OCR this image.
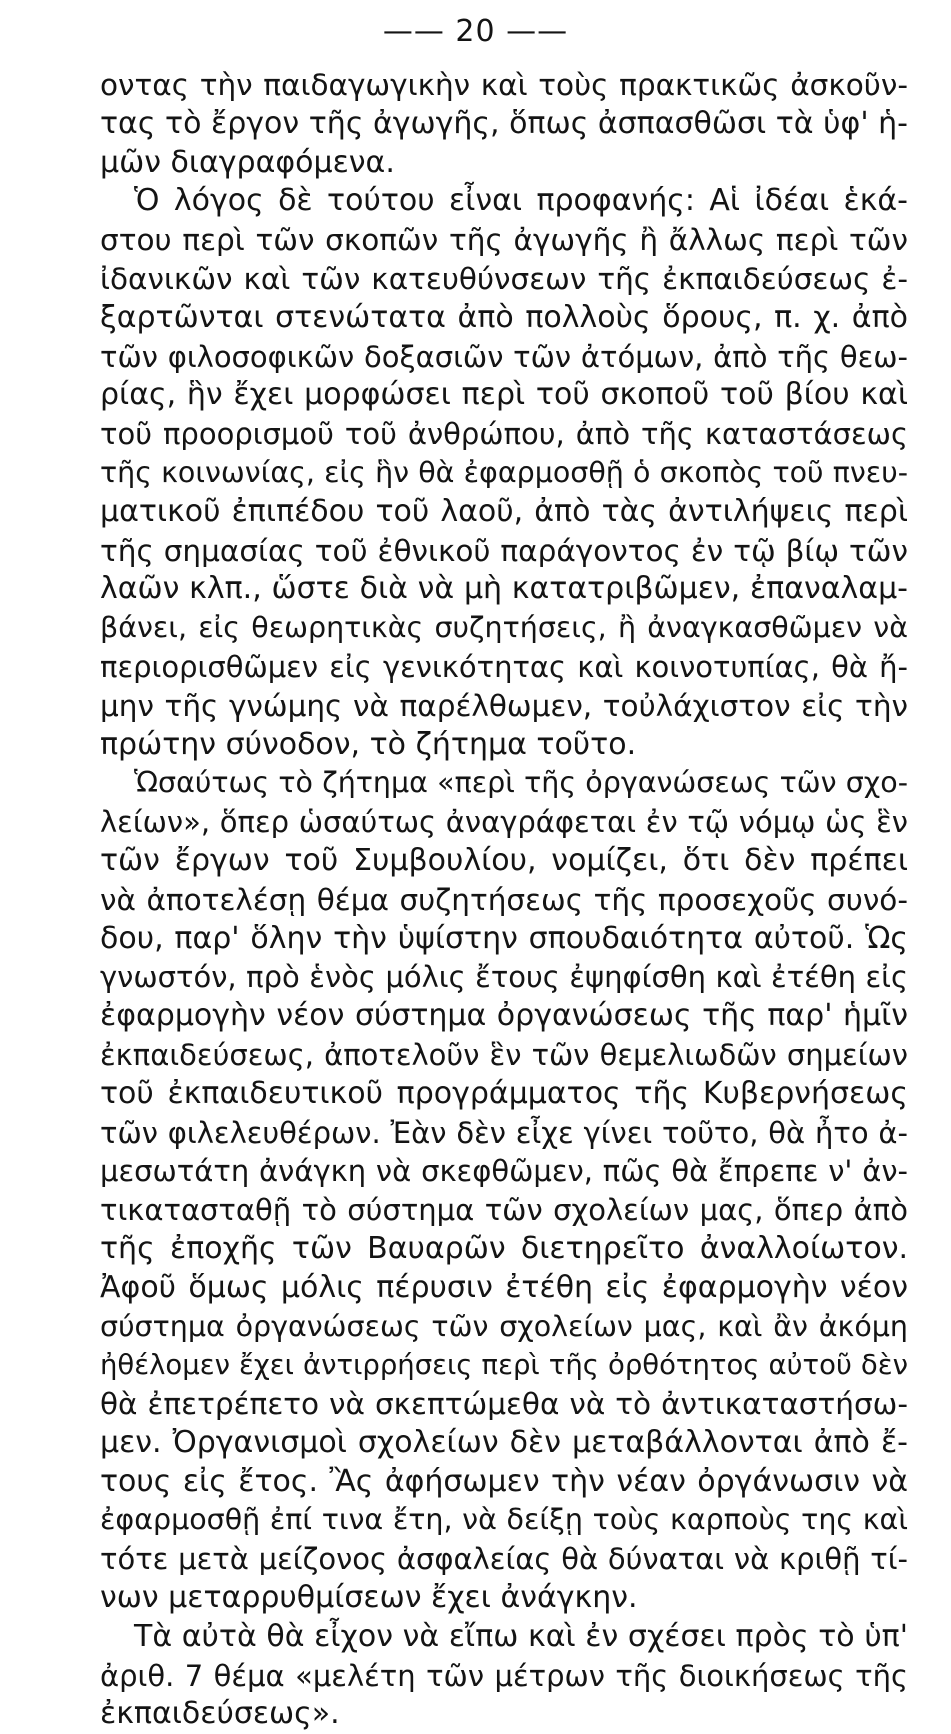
—— 20 ——
οντας τὴν παιδαγωγικὴν καὶ τοὺς πρακτικῶς ἀσκοῦν-
τας τὸ ἔργον τῆς ἀγωγῆς, ὅπως ἀσπασθῶσι τὰ ὑφ' ἡ-
μῶν διαγραφόμενα.
Ὁ λόγος δὲ τούτου εἶναι προφανής: Αἱ ἰδέαι ἑκά-
στου περὶ τῶν σκοπῶν τῆς ἀγωγῆς ἢ ἄλλως περὶ τῶν
ἰδανικῶν καὶ τῶν κατευθύνσεων τῆς ἐκπαιδεύσεως ἐ-
ξαρτῶνται στενώτατα ἀπὸ πολλοὺς ὅρους, π. χ. ἀπὸ
τῶν φιλοσοφικῶν δοξασιῶν τῶν ἀτόμων, ἀπὸ τῆς θεω-
ρίας, ἣν ἔχει μορφώσει περὶ τοῦ σκοποῦ τοῦ βίου καὶ
τοῦ προορισμοῦ τοῦ ἀνθρώπου, ἀπὸ τῆς καταστάσεως
τῆς κοινωνίας, εἰς ἣν θὰ ἐφαρμοσθῇ ὁ σκοπὸς τοῦ πνευ-
ματικοῦ ἐπιπέδου τοῦ λαοῦ, ἀπὸ τὰς ἀντιλήψεις περὶ
τῆς σημασίας τοῦ ἐθνικοῦ παράγοντος ἐν τῷ βίῳ τῶν
λαῶν κλπ., ὥστε διὰ νὰ μὴ κατατριβῶμεν, ἐπαναλαμ-
βάνει, εἰς θεωρητικὰς συζητήσεις, ἢ ἀναγκασθῶμεν νὰ
περιορισθῶμεν εἰς γενικότητας καὶ κοινοτυπίας, θὰ ἤ-
μην τῆς γνώμης νὰ παρέλθωμεν, τοὐλάχιστον εἰς τὴν
πρώτην σύνοδον, τὸ ζήτημα τοῦτο.
Ὡσαύτως τὸ ζήτημα «περὶ τῆς ὀργανώσεως τῶν σχο-
λείων», ὅπερ ὡσαύτως ἀναγράφεται ἐν τῷ νόμῳ ὡς ἓν
τῶν ἔργων τοῦ Συμβουλίου, νομίζει, ὅτι δὲν πρέπει
νὰ ἀποτελέσῃ θέμα συζητήσεως τῆς προσεχοῦς συνό-
δου, παρ' ὅλην τὴν ὑψίστην σπουδαιότητα αὐτοῦ. Ὡς
γνωστόν, πρὸ ἑνὸς μόλις ἔτους ἐψηφίσθη καὶ ἐτέθη εἰς
ἐφαρμογὴν νέον σύστημα ὀργανώσεως τῆς παρ' ἡμῖν
ἐκπαιδεύσεως, ἀποτελοῦν ἓν τῶν θεμελιωδῶν σημείων
τοῦ ἐκπαιδευτικοῦ προγράμματος τῆς Κυβερνήσεως
τῶν φιλελευθέρων. Ἐὰν δὲν εἶχε γίνει τοῦτο, θὰ ἦτο ἀ-
μεσωτάτη ἀνάγκη νὰ σκεφθῶμεν, πῶς θὰ ἔπρεπε ν' ἀν-
τικατασταθῇ τὸ σύστημα τῶν σχολείων μας, ὅπερ ἀπὸ
τῆς ἐποχῆς τῶν Βαυαρῶν διετηρεῖτο ἀναλλοίωτον.
Ἀφοῦ ὅμως μόλις πέρυσιν ἐτέθη εἰς ἐφαρμογὴν νέον
σύστημα ὀργανώσεως τῶν σχολείων μας, καὶ ἂν ἀκόμη
ἠθέλομεν ἔχει ἀντιρρήσεις περὶ τῆς ὀρθότητος αὐτοῦ δὲν
θὰ ἐπετρέπετο νὰ σκεπτώμεθα νὰ τὸ ἀντικαταστήσω-
μεν. Ὀργανισμοὶ σχολείων δὲν μεταβάλλονται ἀπὸ ἔ-
τους εἰς ἔτος. Ἂς ἀφήσωμεν τὴν νέαν ὀργάνωσιν νὰ
ἐφαρμοσθῇ ἐπί τινα ἔτη, νὰ δείξῃ τοὺς καρποὺς της καὶ
τότε μετὰ μείζονος ἀσφαλείας θὰ δύναται νὰ κριθῇ τί-
νων μεταρρυθμίσεων ἔχει ἀνάγκην.
Τὰ αὐτὰ θὰ εἶχον νὰ εἴπω καὶ ἐν σχέσει πρὸς τὸ ὑπ'
ἀριθ. 7 θέμα «μελέτη τῶν μέτρων τῆς διοικήσεως τῆς
ἐκπαιδεύσεως».
